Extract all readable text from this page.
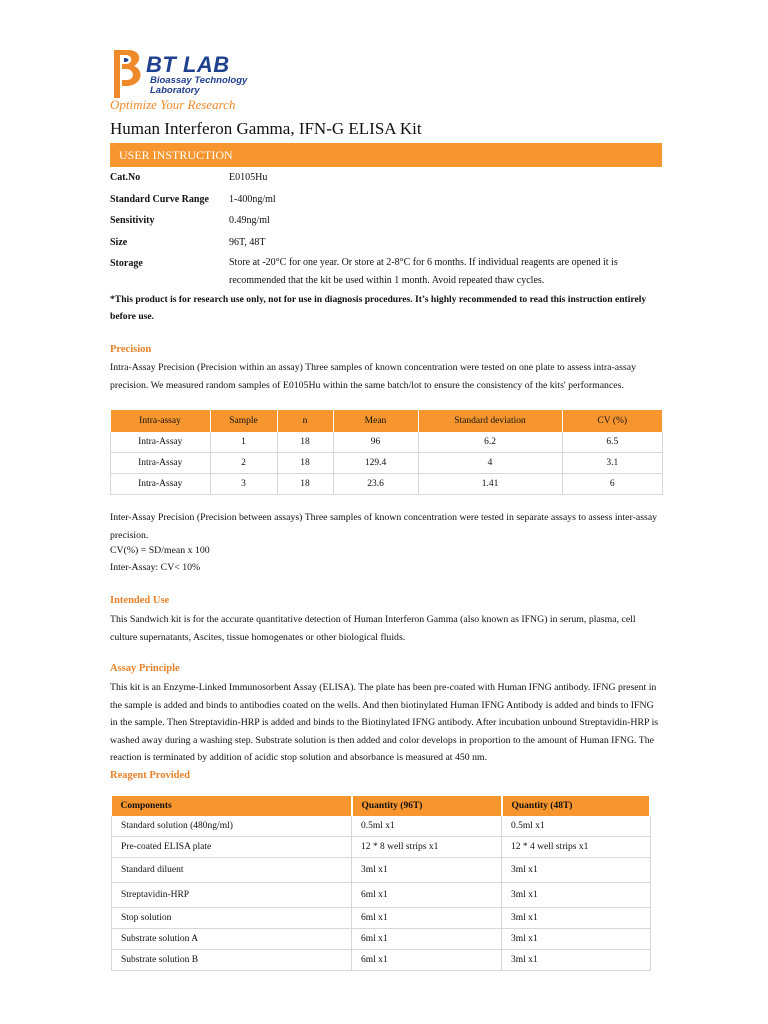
BT LAB
Bioassay Technology
Laboratory
Optimize Your Research
Human Interferon Gamma, IFN-G ELISA Kit
USER INSTRUCTION
Cat.No	E0105Hu
Standard Curve Range 1-400ng/ml
Sensitivity	0.49ng/ml
Size	96T, 48T
Storage	Store at -20°C for one year. Or store at 2-8°C for 6 months. If individual reagents are opened it is recommended that the kit be used within 1 month. Avoid repeated thaw cycles.
*This product is for research use only, not for use in diagnosis procedures. It’s highly recommended to read this instruction entirely before use.
Precision
Intra-Assay Precision (Precision within an assay) Three samples of known concentration were tested on one plate to assess intra-assay precision. We measured random samples of E0105Hu within the same batch/lot to ensure the consistency of the kits' performances.
Intra-assay	Sample	n	Mean	Standard deviation	CV (%)
Intra-Assay	1	18	96	6.2	6.5
Intra-Assay	2	18	129.4	4	3.1
Intra-Assay	3	18	23.6	1.41	6
Inter-Assay Precision (Precision between assays) Three samples of known concentration were tested in separate assays to assess inter-assay precision.
CV(%) = SD/mean x 100
Inter-Assay: CV< 10%
Intended Use
This Sandwich kit is for the accurate quantitative detection of Human Interferon Gamma (also known as IFNG) in serum, plasma, cell culture supernatants, Ascites, tissue homogenates or other biological fluids.
Assay Principle
This kit is an Enzyme-Linked Immunosorbent Assay (ELISA). The plate has been pre-coated with Human IFNG antibody. IFNG present in the sample is added and binds to antibodies coated on the wells. And then biotinylated Human IFNG Antibody is added and binds to IFNG in the sample. Then Streptavidin-HRP is added and binds to the Biotinylated IFNG antibody. After incubation unbound Streptavidin-HRP is washed away during a washing step. Substrate solution is then added and color develops in proportion to the amount of Human IFNG. The reaction is terminated by addition of acidic stop solution and absorbance is measured at 450 nm.
Reagent Provided
Components	Quantity (96T)	Quantity (48T)
Standard solution (480ng/ml)	0.5ml x1	0.5ml x1
Pre-coated ELISA plate	12 * 8 well strips x1	12 * 4 well strips x1
Standard diluent	3ml x1	3ml x1
Streptavidin-HRP	6ml x1	3ml x1
Stop solution	6ml x1	3ml x1
Substrate solution A	6ml x1	3ml x1
Substrate solution B	6ml x1	3ml x1
